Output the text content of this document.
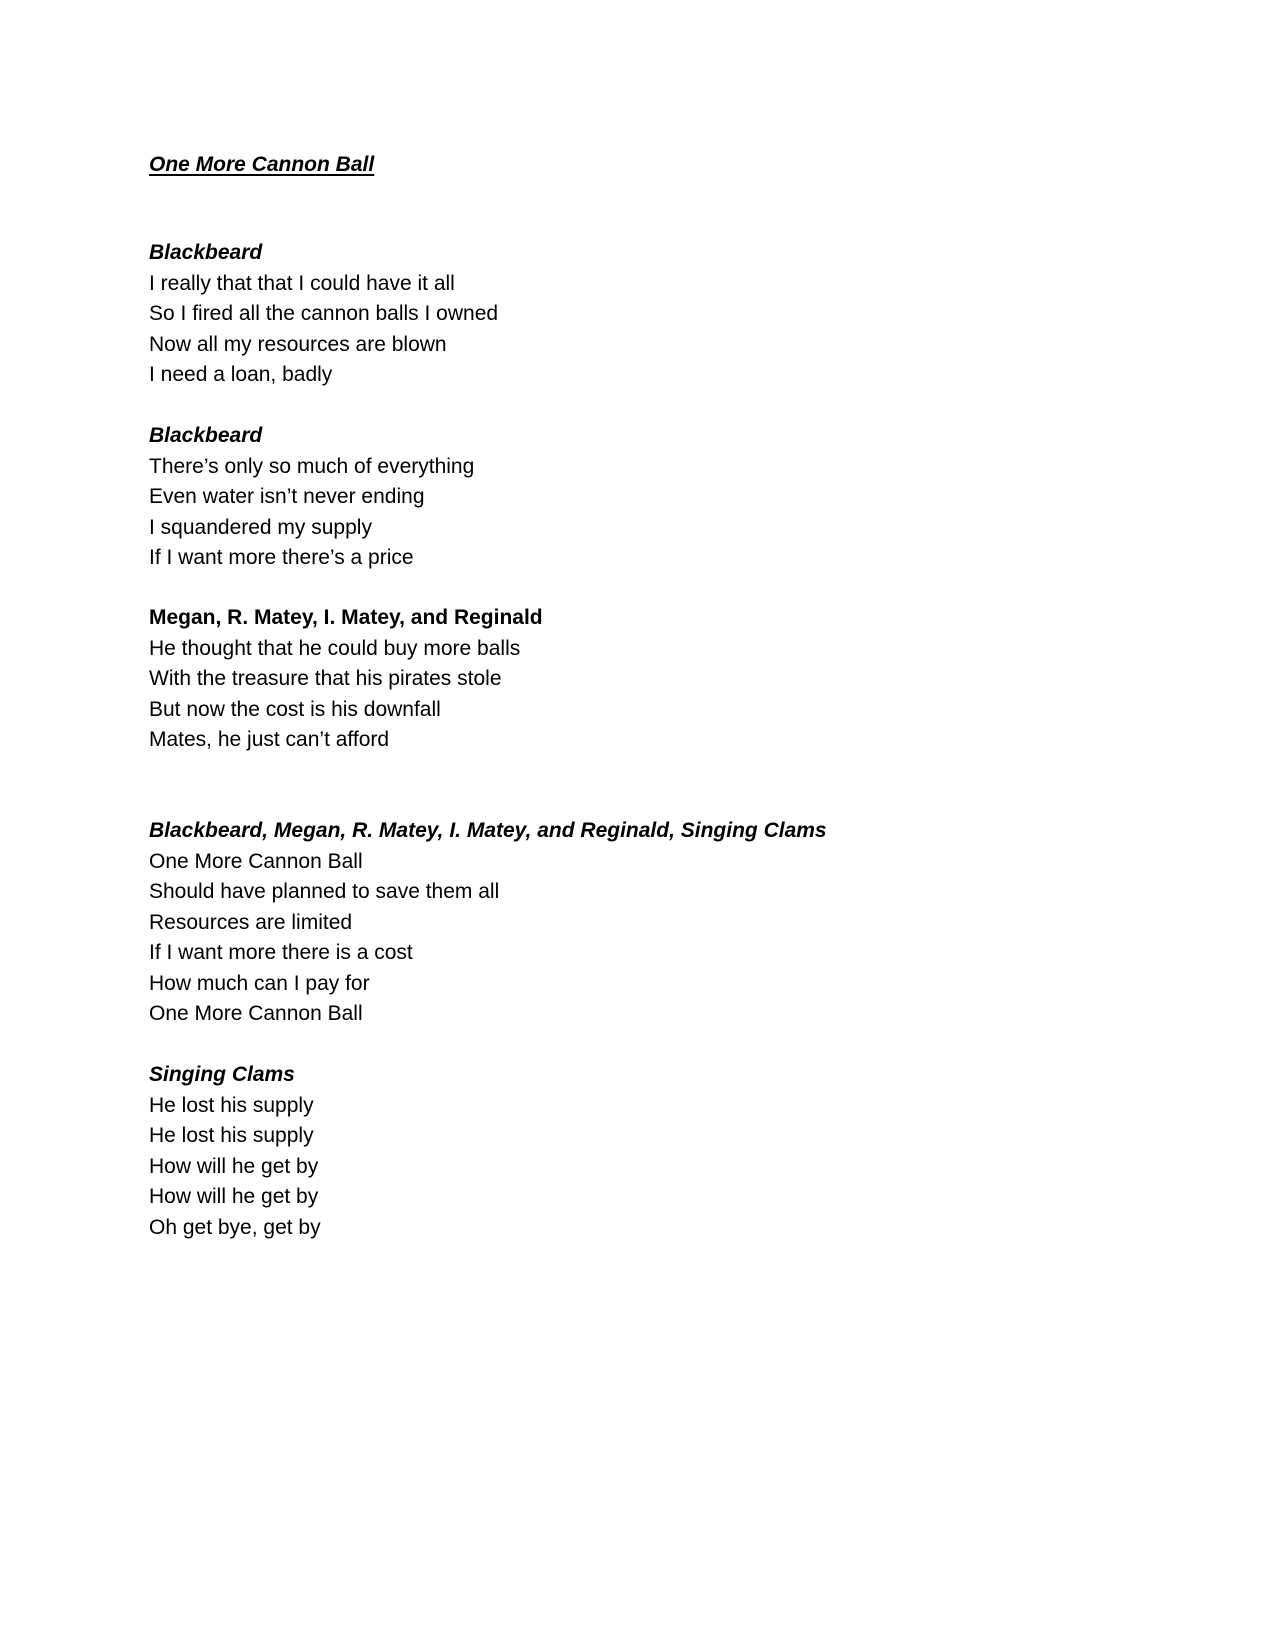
One More Cannon Ball

Blackbeard

I really that that I could have it all

So I fired all the cannon balls I owned

Now all my resources are blown

I need a loan, badly

Blackbeard

There’s only so much of everything

Even water isn’t never ending

I squandered my supply

If I want more there’s a price

Megan, R. Matey, I. Matey, and Reginald

He thought that he could buy more balls

With the treasure that his pirates stole

But now the cost is his downfall

Mates, he just can’t afford

Blackbeard, Megan, R. Matey, I. Matey, and Reginald, Singing Clams

One More Cannon Ball

Should have planned to save them all

Resources are limited

If I want more there is a cost

How much can I pay for

One More Cannon Ball

Singing Clams

He lost his supply

He lost his supply

How will he get by

How will he get by

Oh get bye, get by
